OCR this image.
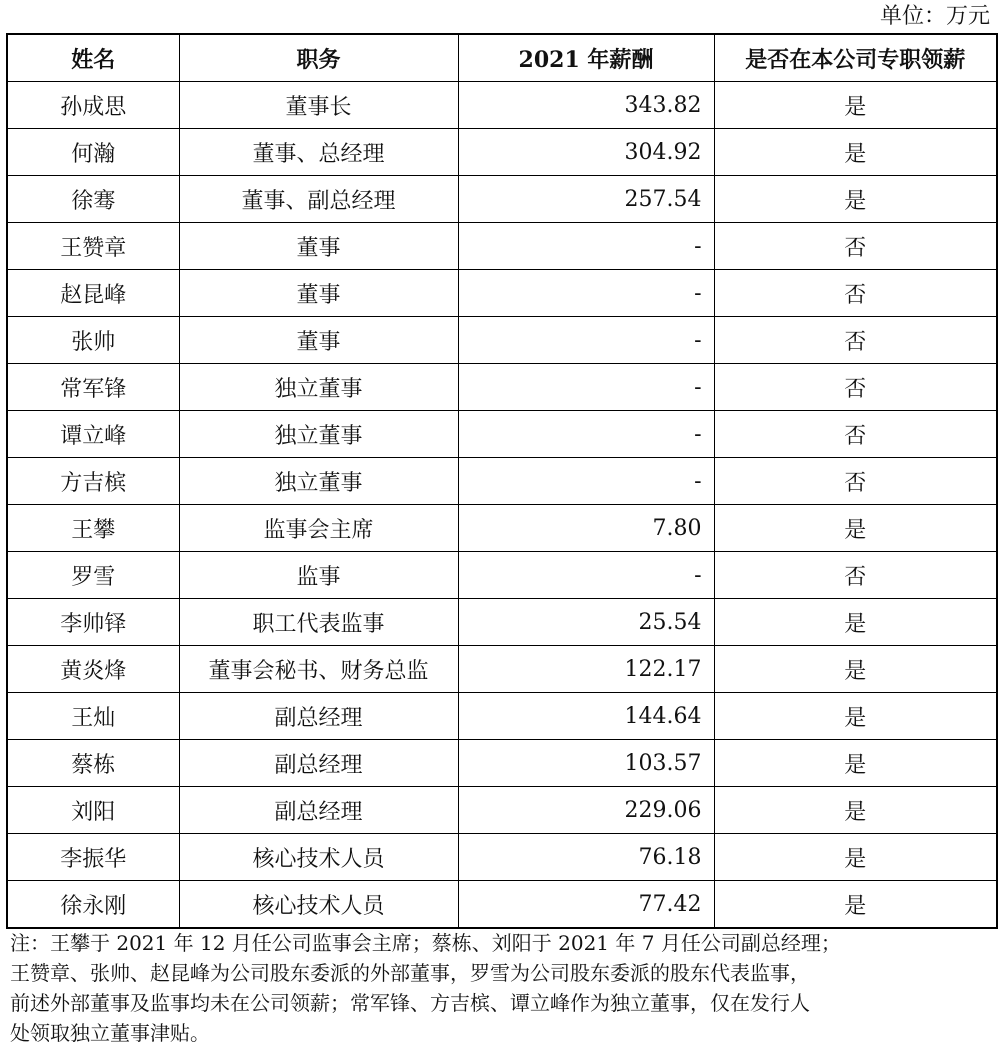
单位：万元
姓名	职务	2021 年薪酬	是否在本公司专职领薪
孙成思	董事长	343.82	是
何瀚	董事、总经理	304.92	是
徐骞	董事、副总经理	257.54	是
王赞章	董事	-	否
赵昆峰	董事	-	否
张帅	董事	-	否
常军锋	独立董事	-	否
谭立峰	独立董事	-	否
方吉槟	独立董事	-	否
王攀	监事会主席	7.80	是
罗雪	监事	-	否
李帅铎	职工代表监事	25.54	是
黄炎烽	董事会秘书、财务总监	122.17	是
王灿	副总经理	144.64	是
蔡栋	副总经理	103.57	是
刘阳	副总经理	229.06	是
李振华	核心技术人员	76.18	是
徐永刚	核心技术人员	77.42	是

注：王攀于 2021 年 12 月任公司监事会主席；蔡栋、刘阳于 2021 年 7 月任公司副总经理；

王赞章、张帅、赵昆峰为公司股东委派的外部董事，罗雪为公司股东委派的股东代表监事，

前述外部董事及监事均未在公司领薪；常军锋、方吉槟、谭立峰作为独立董事，仅在发行人

处领取独立董事津贴。
